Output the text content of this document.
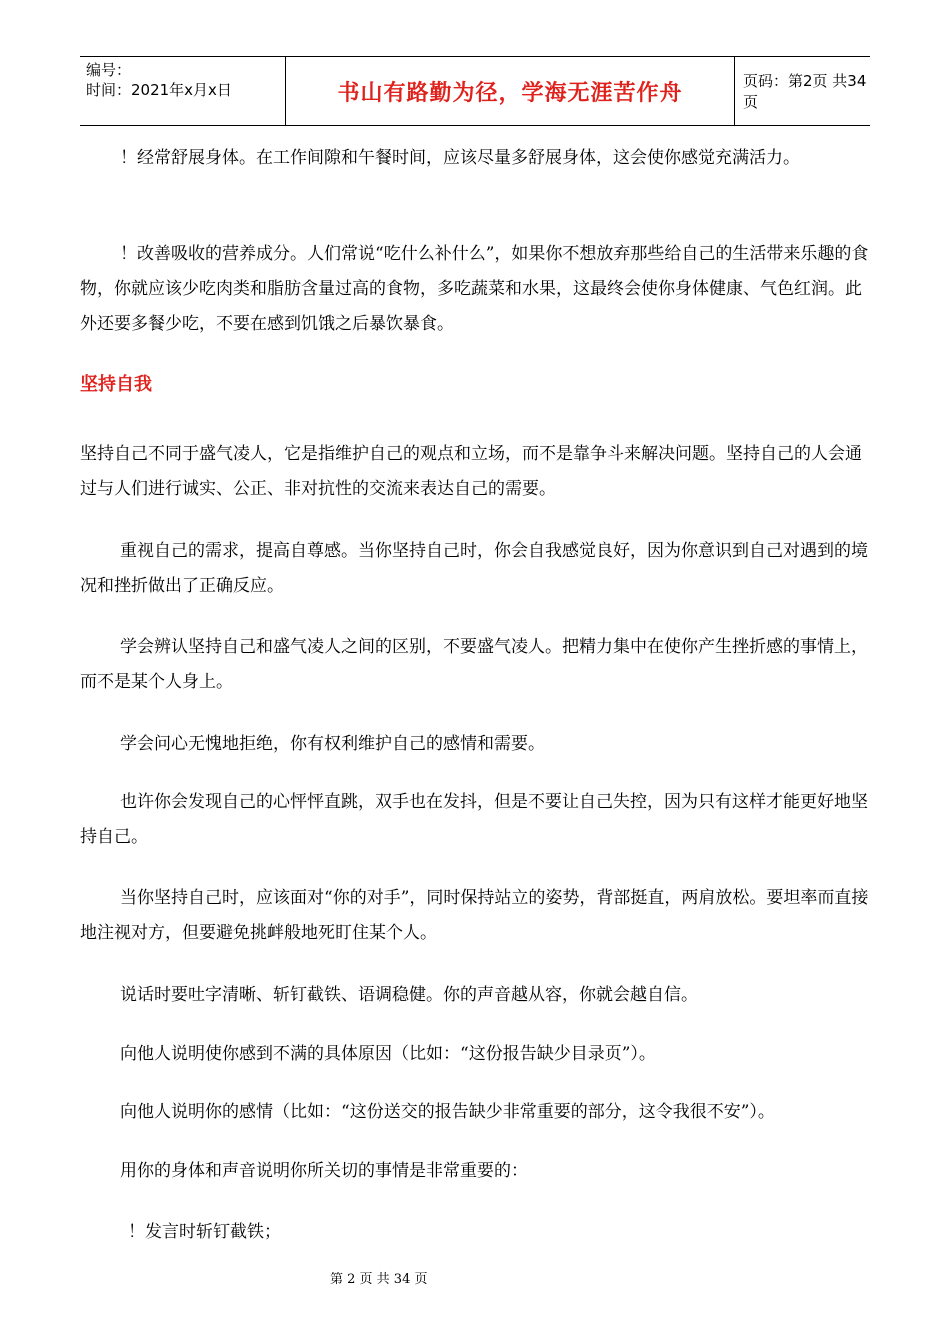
编号：
时间：2021年x月x日	书山有路勤为径，学海无涯苦作舟	页码：第2页 共34页

！经常舒展身体。在工作间隙和午餐时间，应该尽量多舒展身体，这会使你感觉充满活力。

！改善吸收的营养成分。人们常说“吃什么补什么”，如果你不想放弃那些给自己的生活带来乐趣的食物，你就应该少吃肉类和脂肪含量过高的食物，多吃蔬菜和水果，这最终会使你身体健康、气色红润。此外还要多餐少吃，不要在感到饥饿之后暴饮暴食。

坚持自我

坚持自己不同于盛气凌人，它是指维护自己的观点和立场，而不是靠争斗来解决问题。坚持自己的人会通过与人们进行诚实、公正、非对抗性的交流来表达自己的需要。

重视自己的需求，提高自尊感。当你坚持自己时，你会自我感觉良好，因为你意识到自己对遇到的境况和挫折做出了正确反应。

学会辨认坚持自己和盛气凌人之间的区别，不要盛气凌人。把精力集中在使你产生挫折感的事情上，而不是某个人身上。

学会问心无愧地拒绝，你有权利维护自己的感情和需要。

也许你会发现自己的心怦怦直跳，双手也在发抖，但是不要让自己失控，因为只有这样才能更好地坚持自己。

当你坚持自己时，应该面对“你的对手”，同时保持站立的姿势，背部挺直，两肩放松。要坦率而直接地注视对方，但要避免挑衅般地死盯住某个人。

说话时要吐字清晰、斩钉截铁、语调稳健。你的声音越从容，你就会越自信。

向他人说明使你感到不满的具体原因（比如：“这份报告缺少目录页”）。

向他人说明你的感情（比如：“这份送交的报告缺少非常重要的部分，这令我很不安”）。

用你的身体和声音说明你所关切的事情是非常重要的：

！发言时斩钉截铁；

第 2 页 共 34 页
